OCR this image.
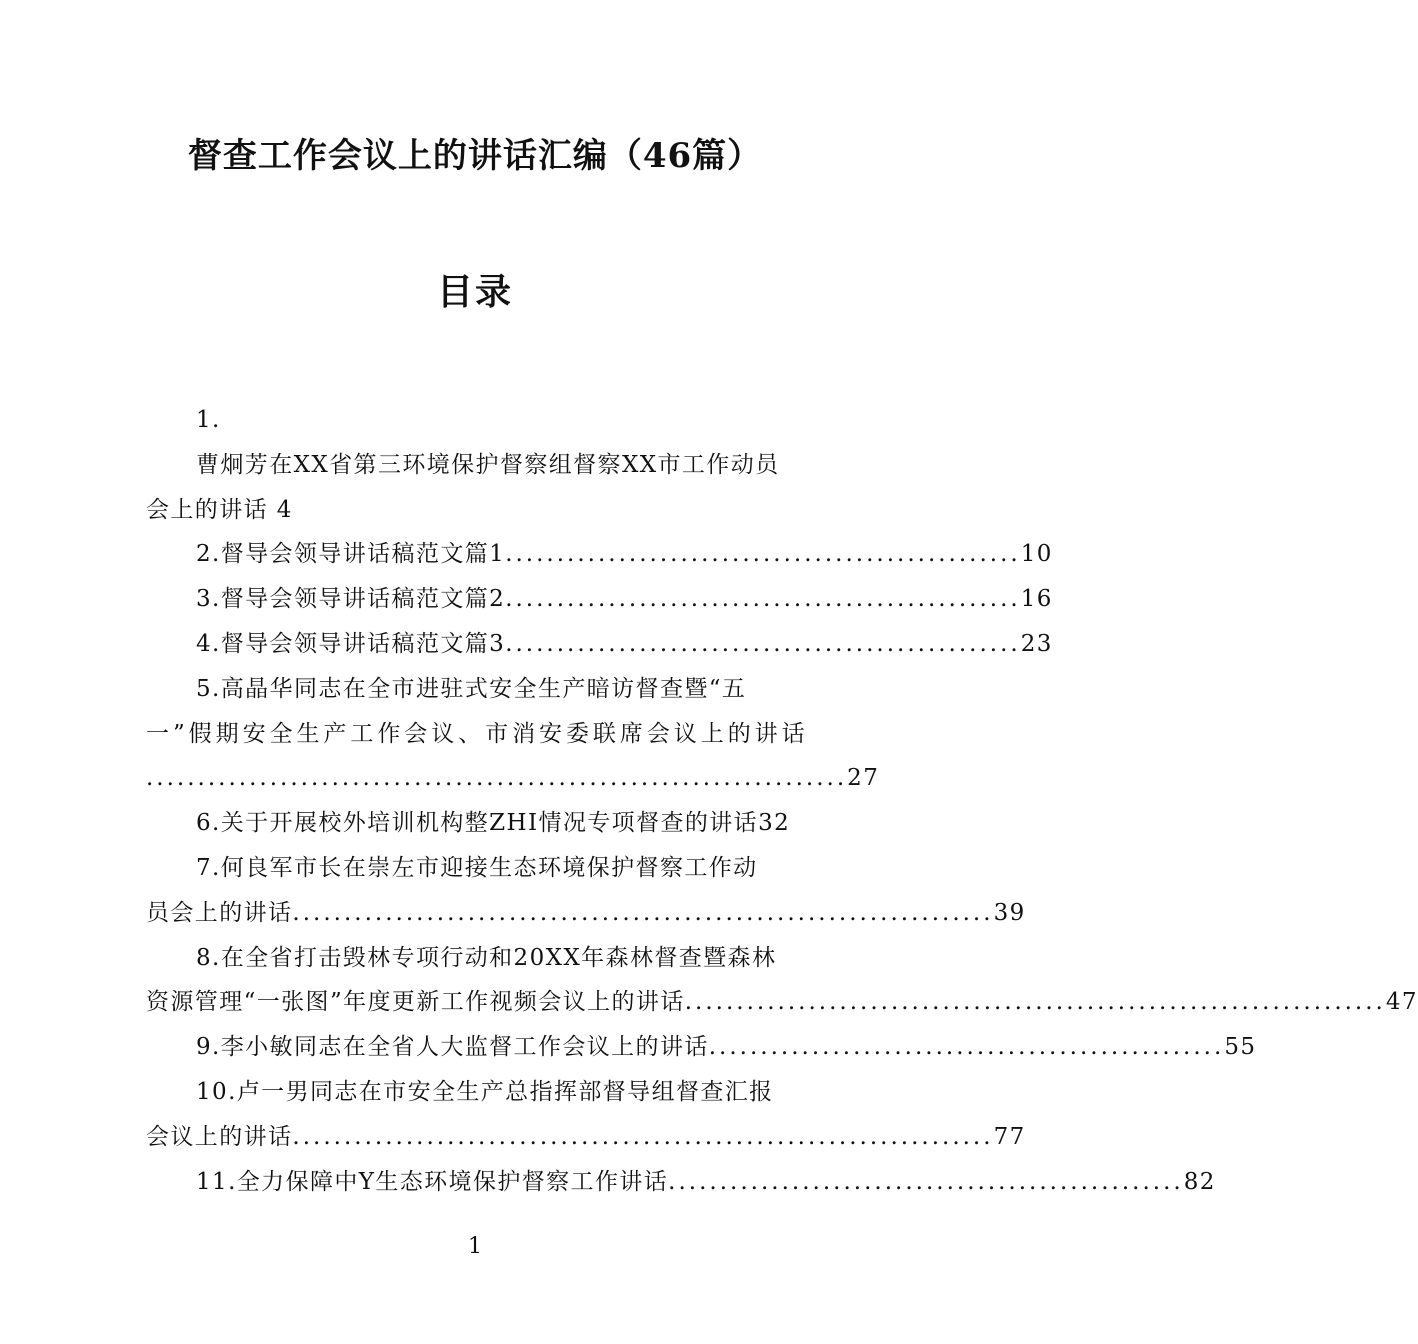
督查工作会议上的讲话汇编（46篇）
目录
1.
曹炯芳在XX省第三环境保护督察组督察XX市工作动员
会上的讲话 4
2.督导会领导讲话稿范文篇1 .................................................. 10
3.督导会领导讲话稿范文篇2 .................................................. 16
4.督导会领导讲话稿范文篇3 .................................................. 23
5.高晶华同志在全市进驻式安全生产暗访督查暨“五
一”假期安全生产工作会议、市消安委联席会议上的讲话
.................................................................... 27
6.关于开展校外培训机构整ZHI情况专项督查的讲话 32
7.何良军市长在崇左市迎接生态环境保护督察工作动
员会上的讲话 .................................................................... 39
8.在全省打击毁林专项行动和20XX年森林督查暨森林
资源管理“一张图”年度更新工作视频会议上的讲话 .................................................................... 47
9.李小敏同志在全省人大监督工作会议上的讲话 .................................................. 55
10.卢一男同志在市安全生产总指挥部督导组督查汇报
会议上的讲话 .................................................................... 77
11.全力保障中Y生态环境保护督察工作讲话 .................................................. 82
1
